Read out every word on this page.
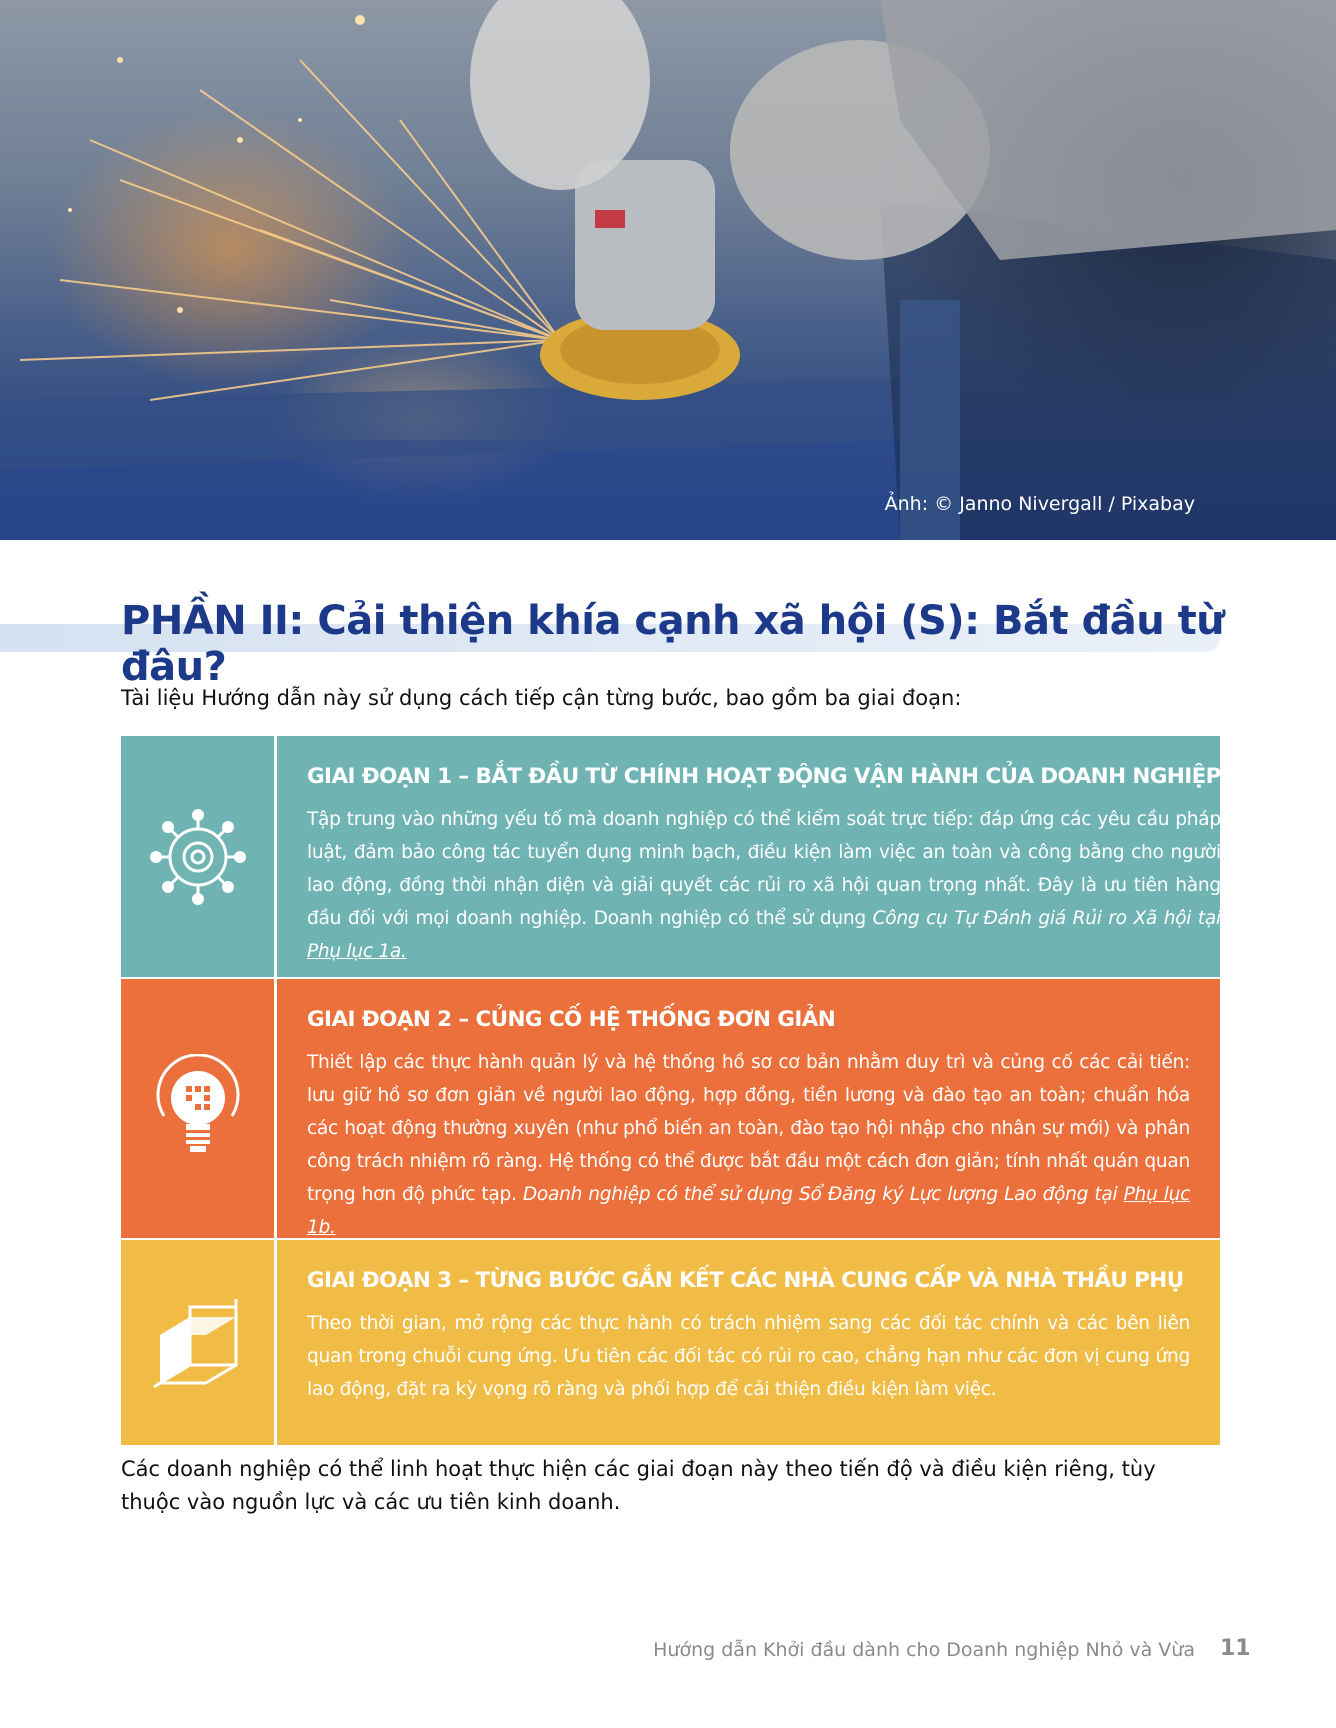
Ảnh: © Janno Nivergall / Pixabay
PHẦN II: Cải thiện khía cạnh xã hội (S): Bắt đầu từ đâu?
Tài liệu Hướng dẫn này sử dụng cách tiếp cận từng bước, bao gồm ba giai đoạn:
GIAI ĐOẠN 1 – BẮT ĐẦU TỪ CHÍNH HOẠT ĐỘNG VẬN HÀNH CỦA DOANH NGHIỆP

Tập trung vào những yếu tố mà doanh nghiệp có thể kiểm soát trực tiếp: đáp ứng các yêu cầu pháp luật, đảm bảo công tác tuyển dụng minh bạch, điều kiện làm việc an toàn và công bằng cho người lao động, đồng thời nhận diện và giải quyết các rủi ro xã hội quan trọng nhất. Đây là ưu tiên hàng đầu đối với mọi doanh nghiệp. Doanh nghiệp có thể sử dụng Công cụ Tự Đánh giá Rủi ro Xã hội tại Phụ lục 1a.

GIAI ĐOẠN 2 – CỦNG CỐ HỆ THỐNG ĐƠN GIẢN

Thiết lập các thực hành quản lý và hệ thống hồ sơ cơ bản nhằm duy trì và củng cố các cải tiến: lưu giữ hồ sơ đơn giản về người lao động, hợp đồng, tiền lương và đào tạo an toàn; chuẩn hóa các hoạt động thường xuyên (như phổ biến an toàn, đào tạo hội nhập cho nhân sự mới) và phân công trách nhiệm rõ ràng. Hệ thống có thể được bắt đầu một cách đơn giản; tính nhất quán quan trọng hơn độ phức tạp. Doanh nghiệp có thể sử dụng Sổ Đăng ký Lực lượng Lao động tại Phụ lục 1b.

GIAI ĐOẠN 3 – TỪNG BƯỚC GẮN KẾT CÁC NHÀ CUNG CẤP VÀ NHÀ THẦU PHỤ

Theo thời gian, mở rộng các thực hành có trách nhiệm sang các đối tác chính và các bên liên quan trong chuỗi cung ứng. Ưu tiên các đối tác có rủi ro cao, chẳng hạn như các đơn vị cung ứng lao động, đặt ra kỳ vọng rõ ràng và phối hợp để cải thiện điều kiện làm việc.

Các doanh nghiệp có thể linh hoạt thực hiện các giai đoạn này theo tiến độ và điều kiện riêng, tùy thuộc vào nguồn lực và các ưu tiên kinh doanh.

Hướng dẫn Khởi đầu dành cho Doanh nghiệp Nhỏ và Vừa 11
